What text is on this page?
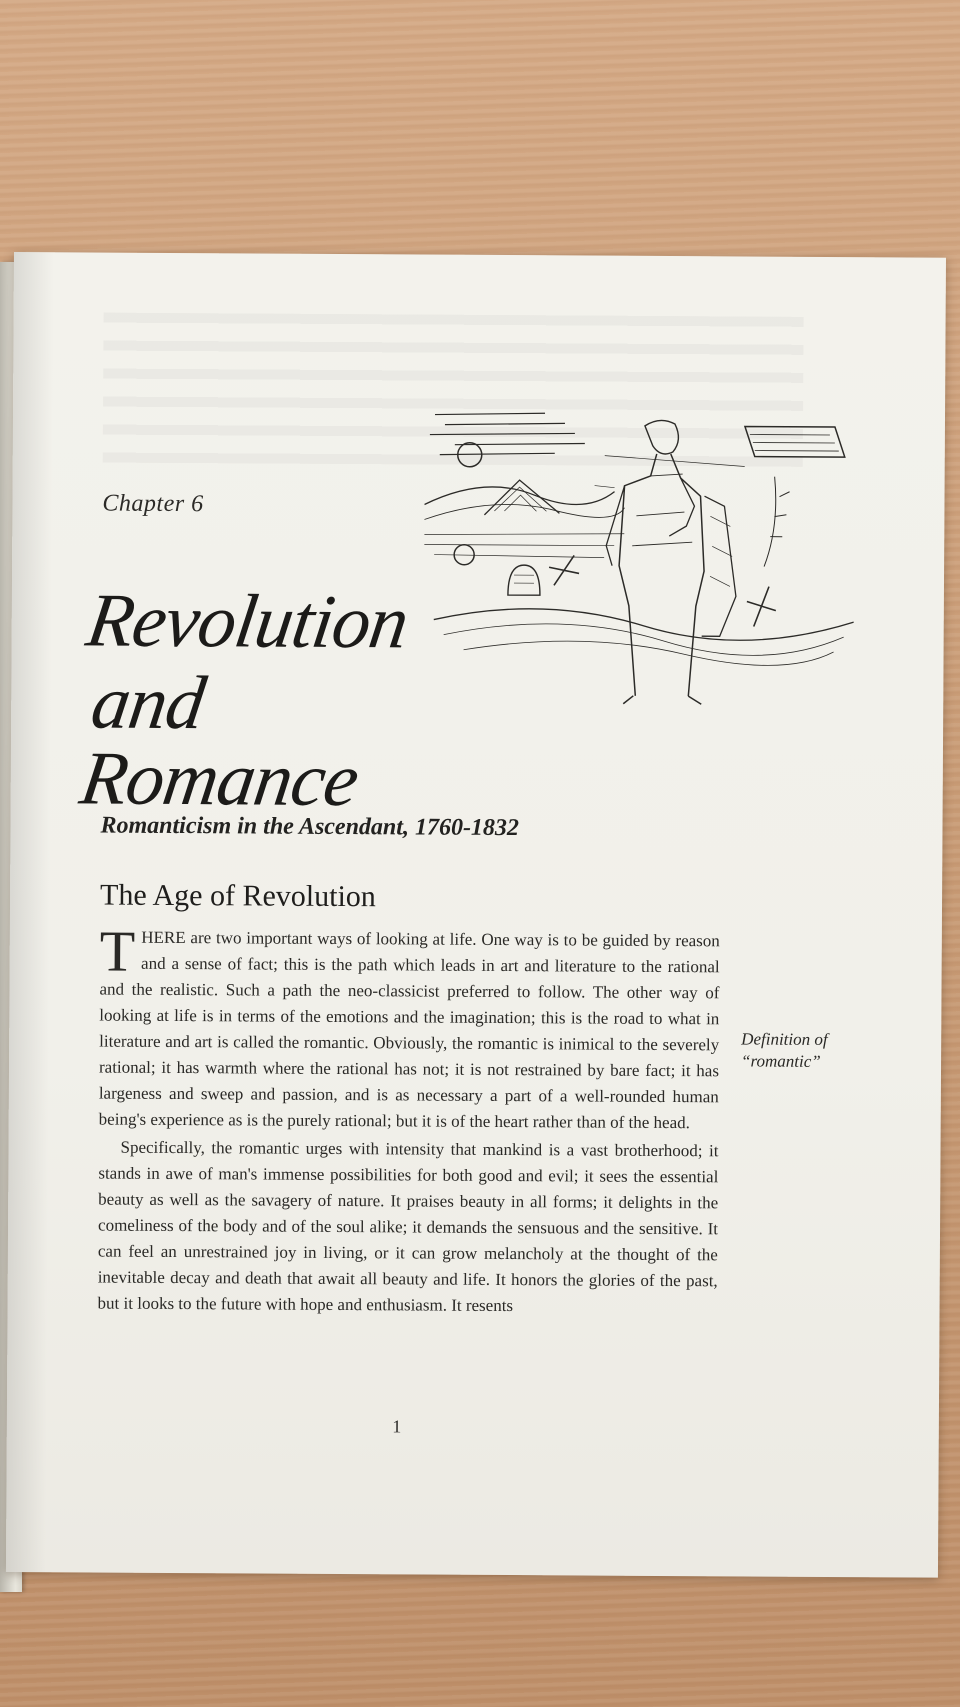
Chapter 6
Revolution
and Romance
Romanticism in the Ascendant, 1760-1832
The Age of Revolution

THERE are two important ways of looking at life. One way is to be guided by reason and a sense of fact; this is the path which leads in art and literature to the rational and the realistic. Such a path the neo-classicist preferred to follow. The other way of looking at life is in terms of the emotions and the imagination; this is the road to what in literature and art is called the romantic. Obviously, the romantic is inimical to the severely rational; it has warmth where the rational has not; it is not restrained by bare fact; it has largeness and sweep and passion, and is as necessary a part of a well-rounded human being's experience as is the purely rational; but it is of the heart rather than of the head.

Specifically, the romantic urges with intensity that mankind is a vast brotherhood; it stands in awe of man's immense possibilities for both good and evil; it sees the essential beauty as well as the savagery of nature. It praises beauty in all forms; it delights in the comeliness of the body and of the soul alike; it demands the sensuous and the sensitive. It can feel an unrestrained joy in living, or it can grow melancholy at the thought of the inevitable decay and death that await all beauty and life. It honors the glories of the past, but it looks to the future with hope and enthusiasm. It resents

Definition of
“romantic”
1
